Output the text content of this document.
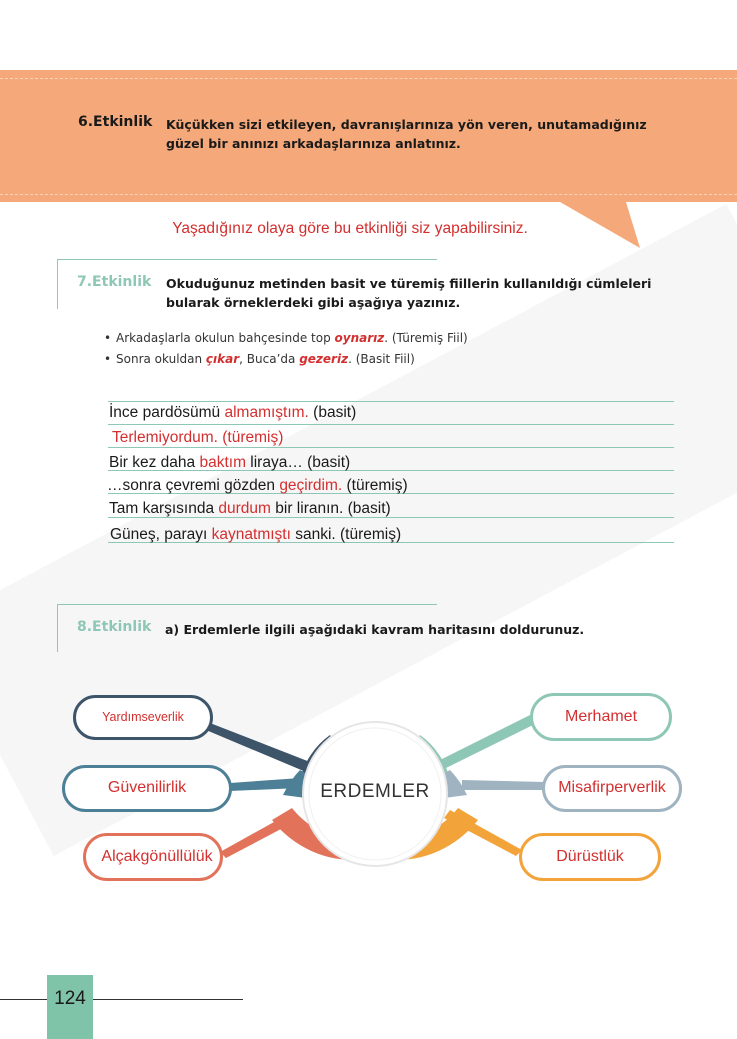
6.Etkinlik Küçükken sizi etkileyen, davranışlarınıza yön veren, unutamadığınız güzel bir anınızı arkadaşlarınıza anlatınız.
Yaşadığınız olaya göre bu etkinliği siz yapabilirsiniz.
7.Etkinlik Okuduğunuz metinden basit ve türemiş fiillerin kullanıldığı cümleleri bularak örneklerdeki gibi aşağıya yazınız.
• Arkadaşlarla okulun bahçesinde top oynarız. (Türemiş Fiil)
• Sonra okuldan çıkar, Buca’da gezeriz. (Basit Fiil)
İnce pardösümü almamıştım. (basit)
Terlemiyordum. (türemiş)
Bir kez daha baktım liraya… (basit)
…sonra çevremi gözden geçirdim. (türemiş)
Tam karşısında durdum bir liranın. (basit)
Güneş, parayı kaynatmıştı sanki. (türemiş)
8.Etkinlik a) Erdemlerle ilgili aşağıdaki kavram haritasını doldurunuz.
ERDEMLER
Yardımseverlik
Güvenilirlik
Alçakgönüllülük
Merhamet
Misafirperverlik
Dürüstlük
124
